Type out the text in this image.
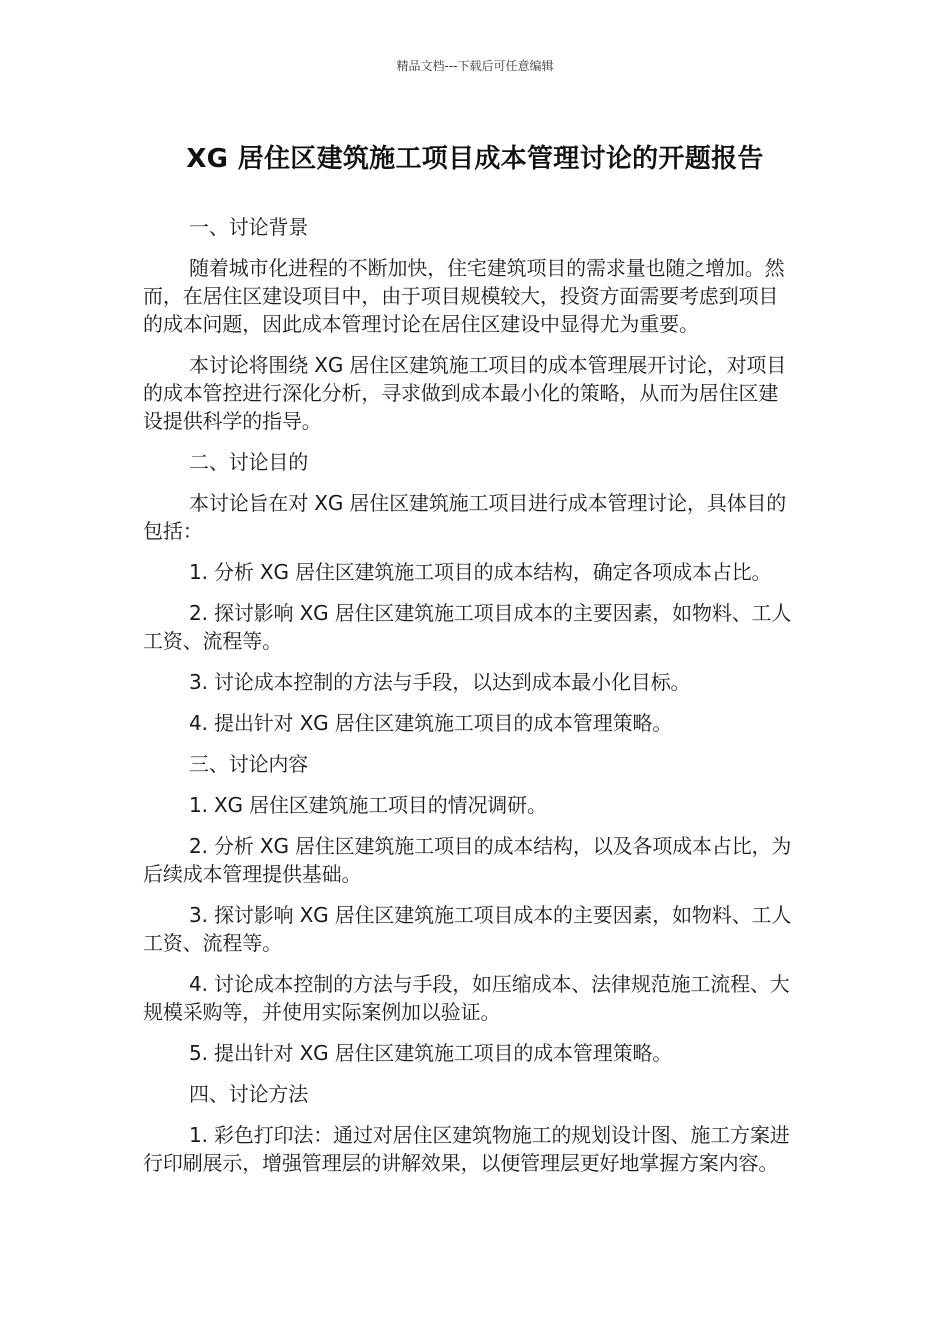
精品文档---下载后可任意编辑
XG 居住区建筑施工项目成本管理讨论的开题报告

一、讨论背景

随着城市化进程的不断加快，住宅建筑项目的需求量也随之增加。然而，在居住区建设项目中，由于项目规模较大，投资方面需要考虑到项目的成本问题，因此成本管理讨论在居住区建设中显得尤为重要。

本讨论将围绕 XG 居住区建筑施工项目的成本管理展开讨论，对项目的成本管控进行深化分析，寻求做到成本最小化的策略，从而为居住区建设提供科学的指导。

二、讨论目的

本讨论旨在对 XG 居住区建筑施工项目进行成本管理讨论，具体目的包括：

1. 分析 XG 居住区建筑施工项目的成本结构，确定各项成本占比。

2. 探讨影响 XG 居住区建筑施工项目成本的主要因素，如物料、工人工资、流程等。

3. 讨论成本控制的方法与手段，以达到成本最小化目标。

4. 提出针对 XG 居住区建筑施工项目的成本管理策略。

三、讨论内容

1. XG 居住区建筑施工项目的情况调研。

2. 分析 XG 居住区建筑施工项目的成本结构，以及各项成本占比，为后续成本管理提供基础。

3. 探讨影响 XG 居住区建筑施工项目成本的主要因素，如物料、工人工资、流程等。

4. 讨论成本控制的方法与手段，如压缩成本、法律规范施工流程、大规模采购等，并使用实际案例加以验证。

5. 提出针对 XG 居住区建筑施工项目的成本管理策略。

四、讨论方法

1. 彩色打印法：通过对居住区建筑物施工的规划设计图、施工方案进行印刷展示，增强管理层的讲解效果，以便管理层更好地掌握方案内容。
